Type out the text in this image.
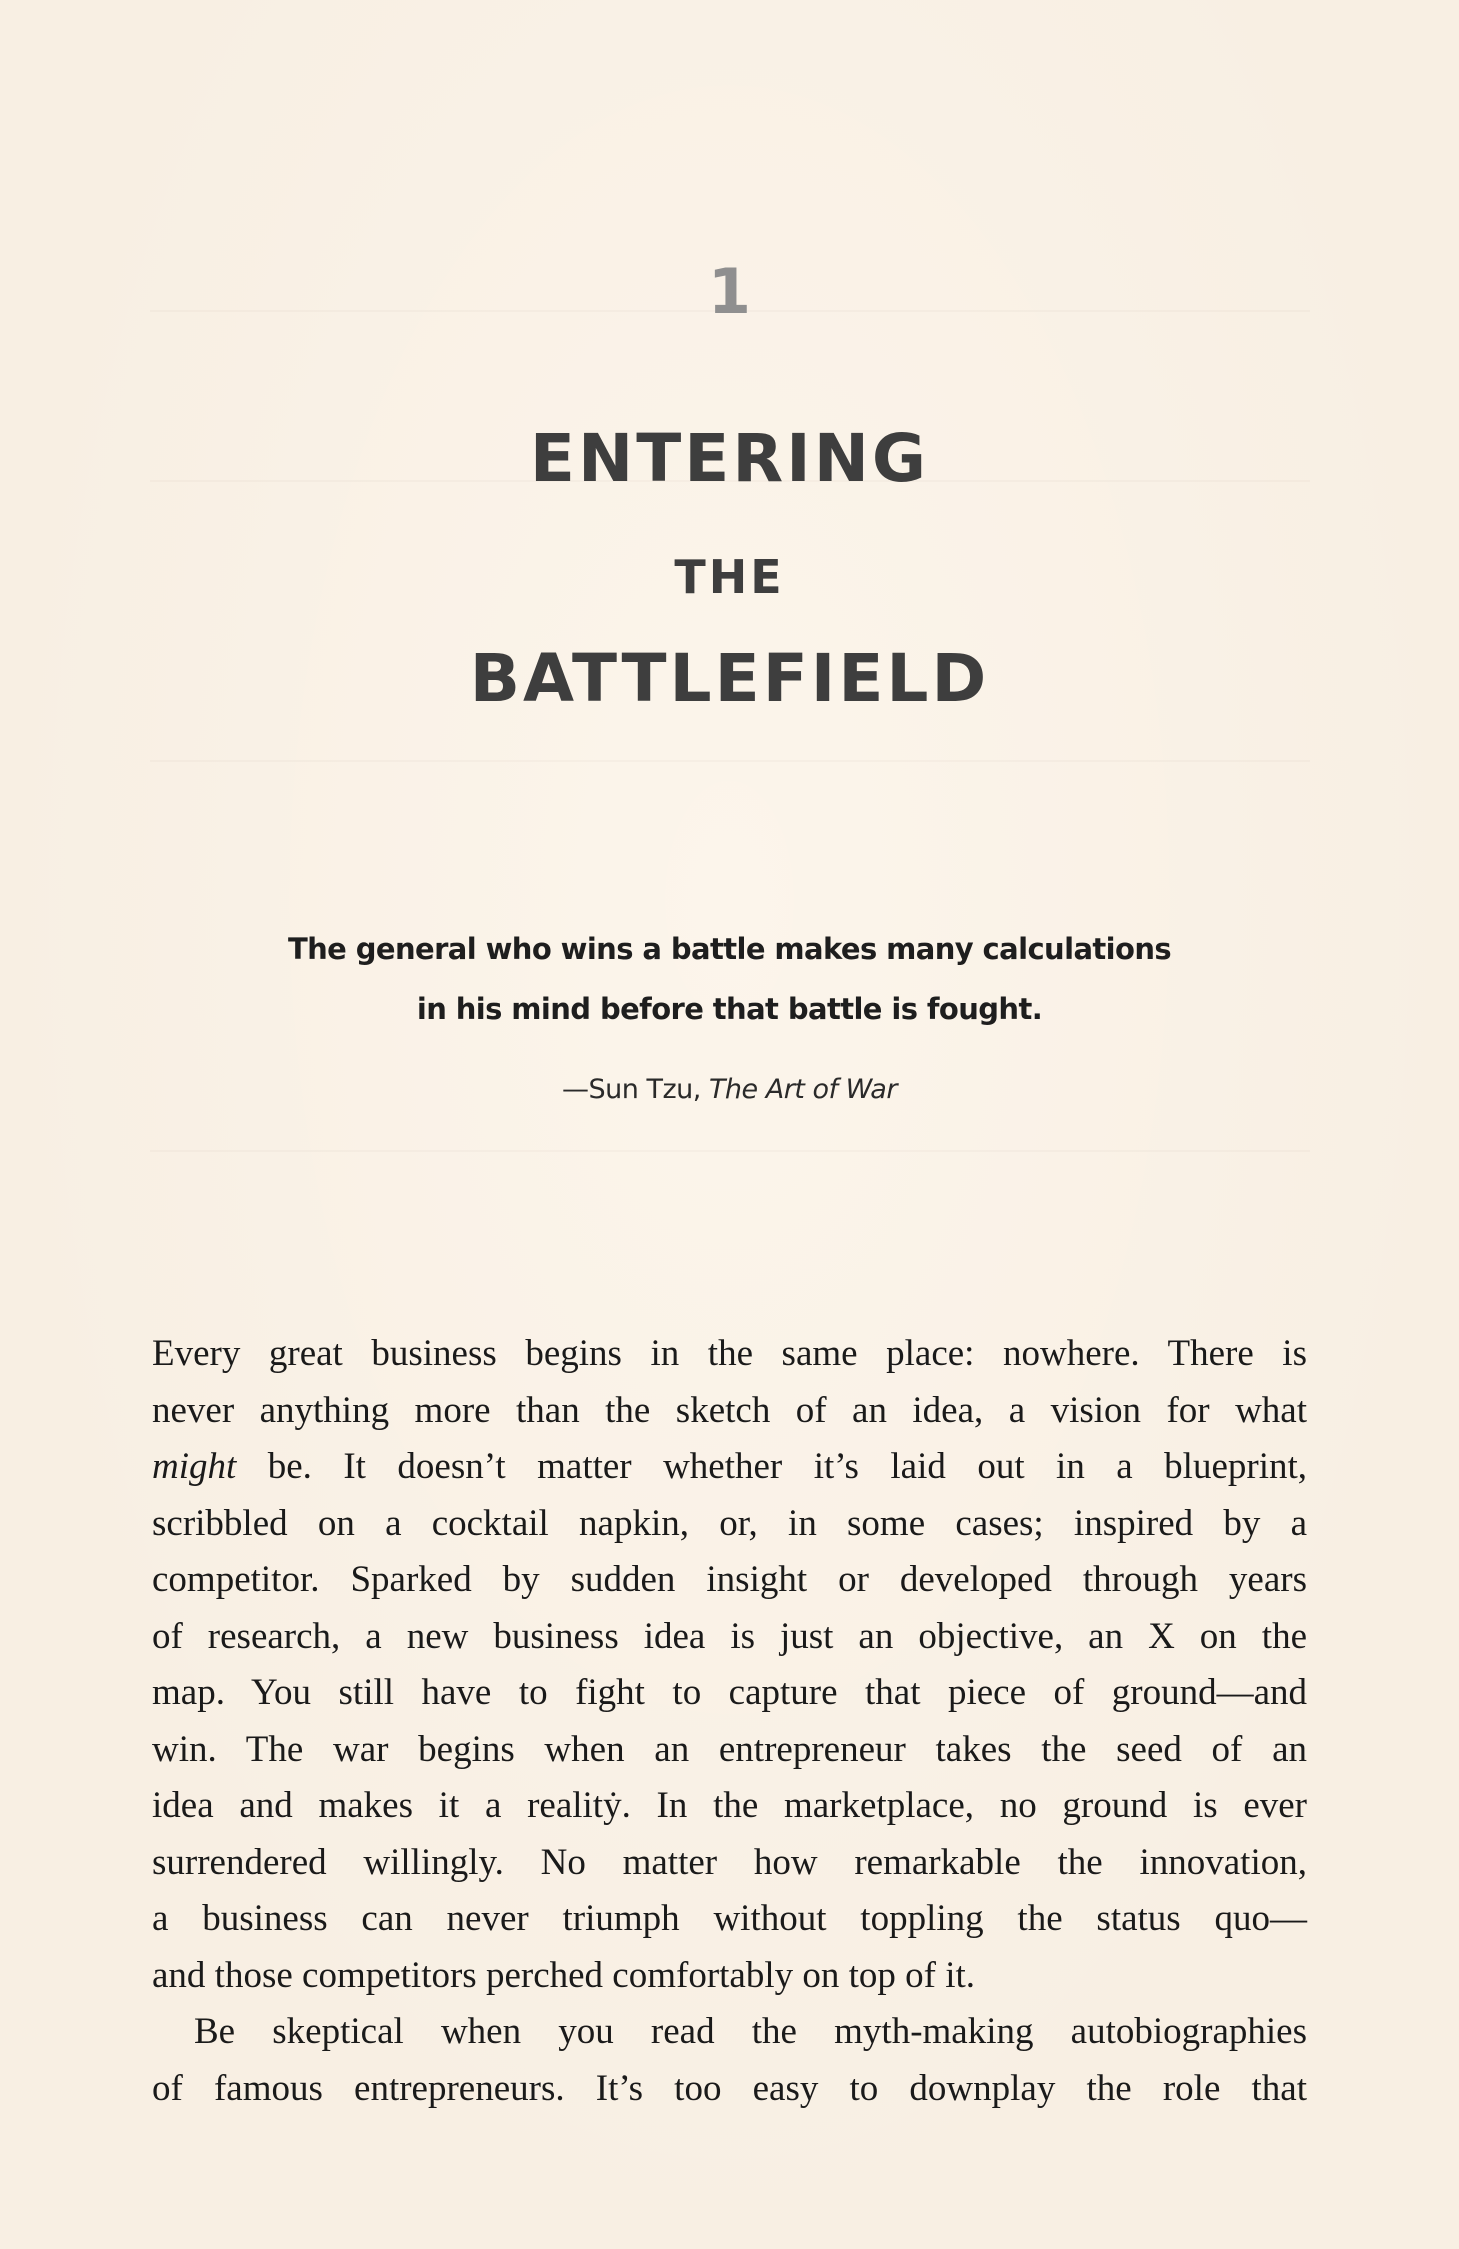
1
ENTERING
THE
BATTLEFIELD
The general who wins a battle makes many calculations
in his mind before that battle is fought.
—Sun Tzu, The Art of War
Every great business begins in the same place: nowhere. There is
never anything more than the sketch of an idea, a vision for what
might be. It doesn’t matter whether it’s laid out in a blueprint,
scribbled on a cocktail napkin, or, in some cases; inspired by a
competitor. Sparked by sudden insight or developed through years
of research, a new business idea is just an objective, an X on the
map. You still have to fight to capture that piece of ground—and
win. The war begins when an entrepreneur takes the seed of an
idea and makes it a realitẏ. In the marketplace, no ground is ever
surrendered willingly. No matter how remarkable the innovation,
a business can never triumph without toppling the status quo—
and those competitors perched comfortably on top of it.
Be skeptical when you read the myth-making autobiographies
of famous entrepreneurs. It’s too easy to downplay the role that
